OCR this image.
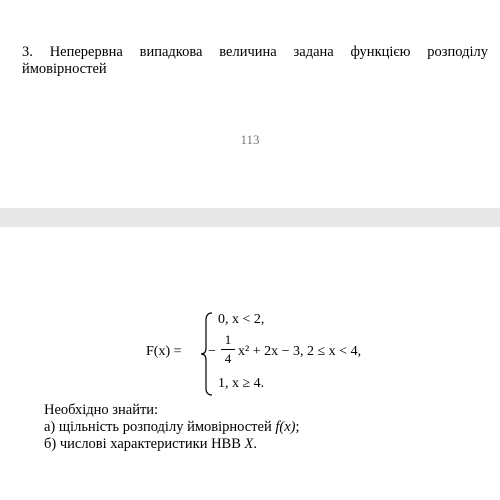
3. Неперервна випадкова величина задана функцією розподілу ймовірностей
113
F(x) =
0, x < 2,
−
1
4 x² + 2x − 3, 2 ≤ x < 4,
1, x ≥ 4.
Необхідно знайти:
а) щільність розподілу ймовірностей f(x);
б) числові характеристики НВВ X.
